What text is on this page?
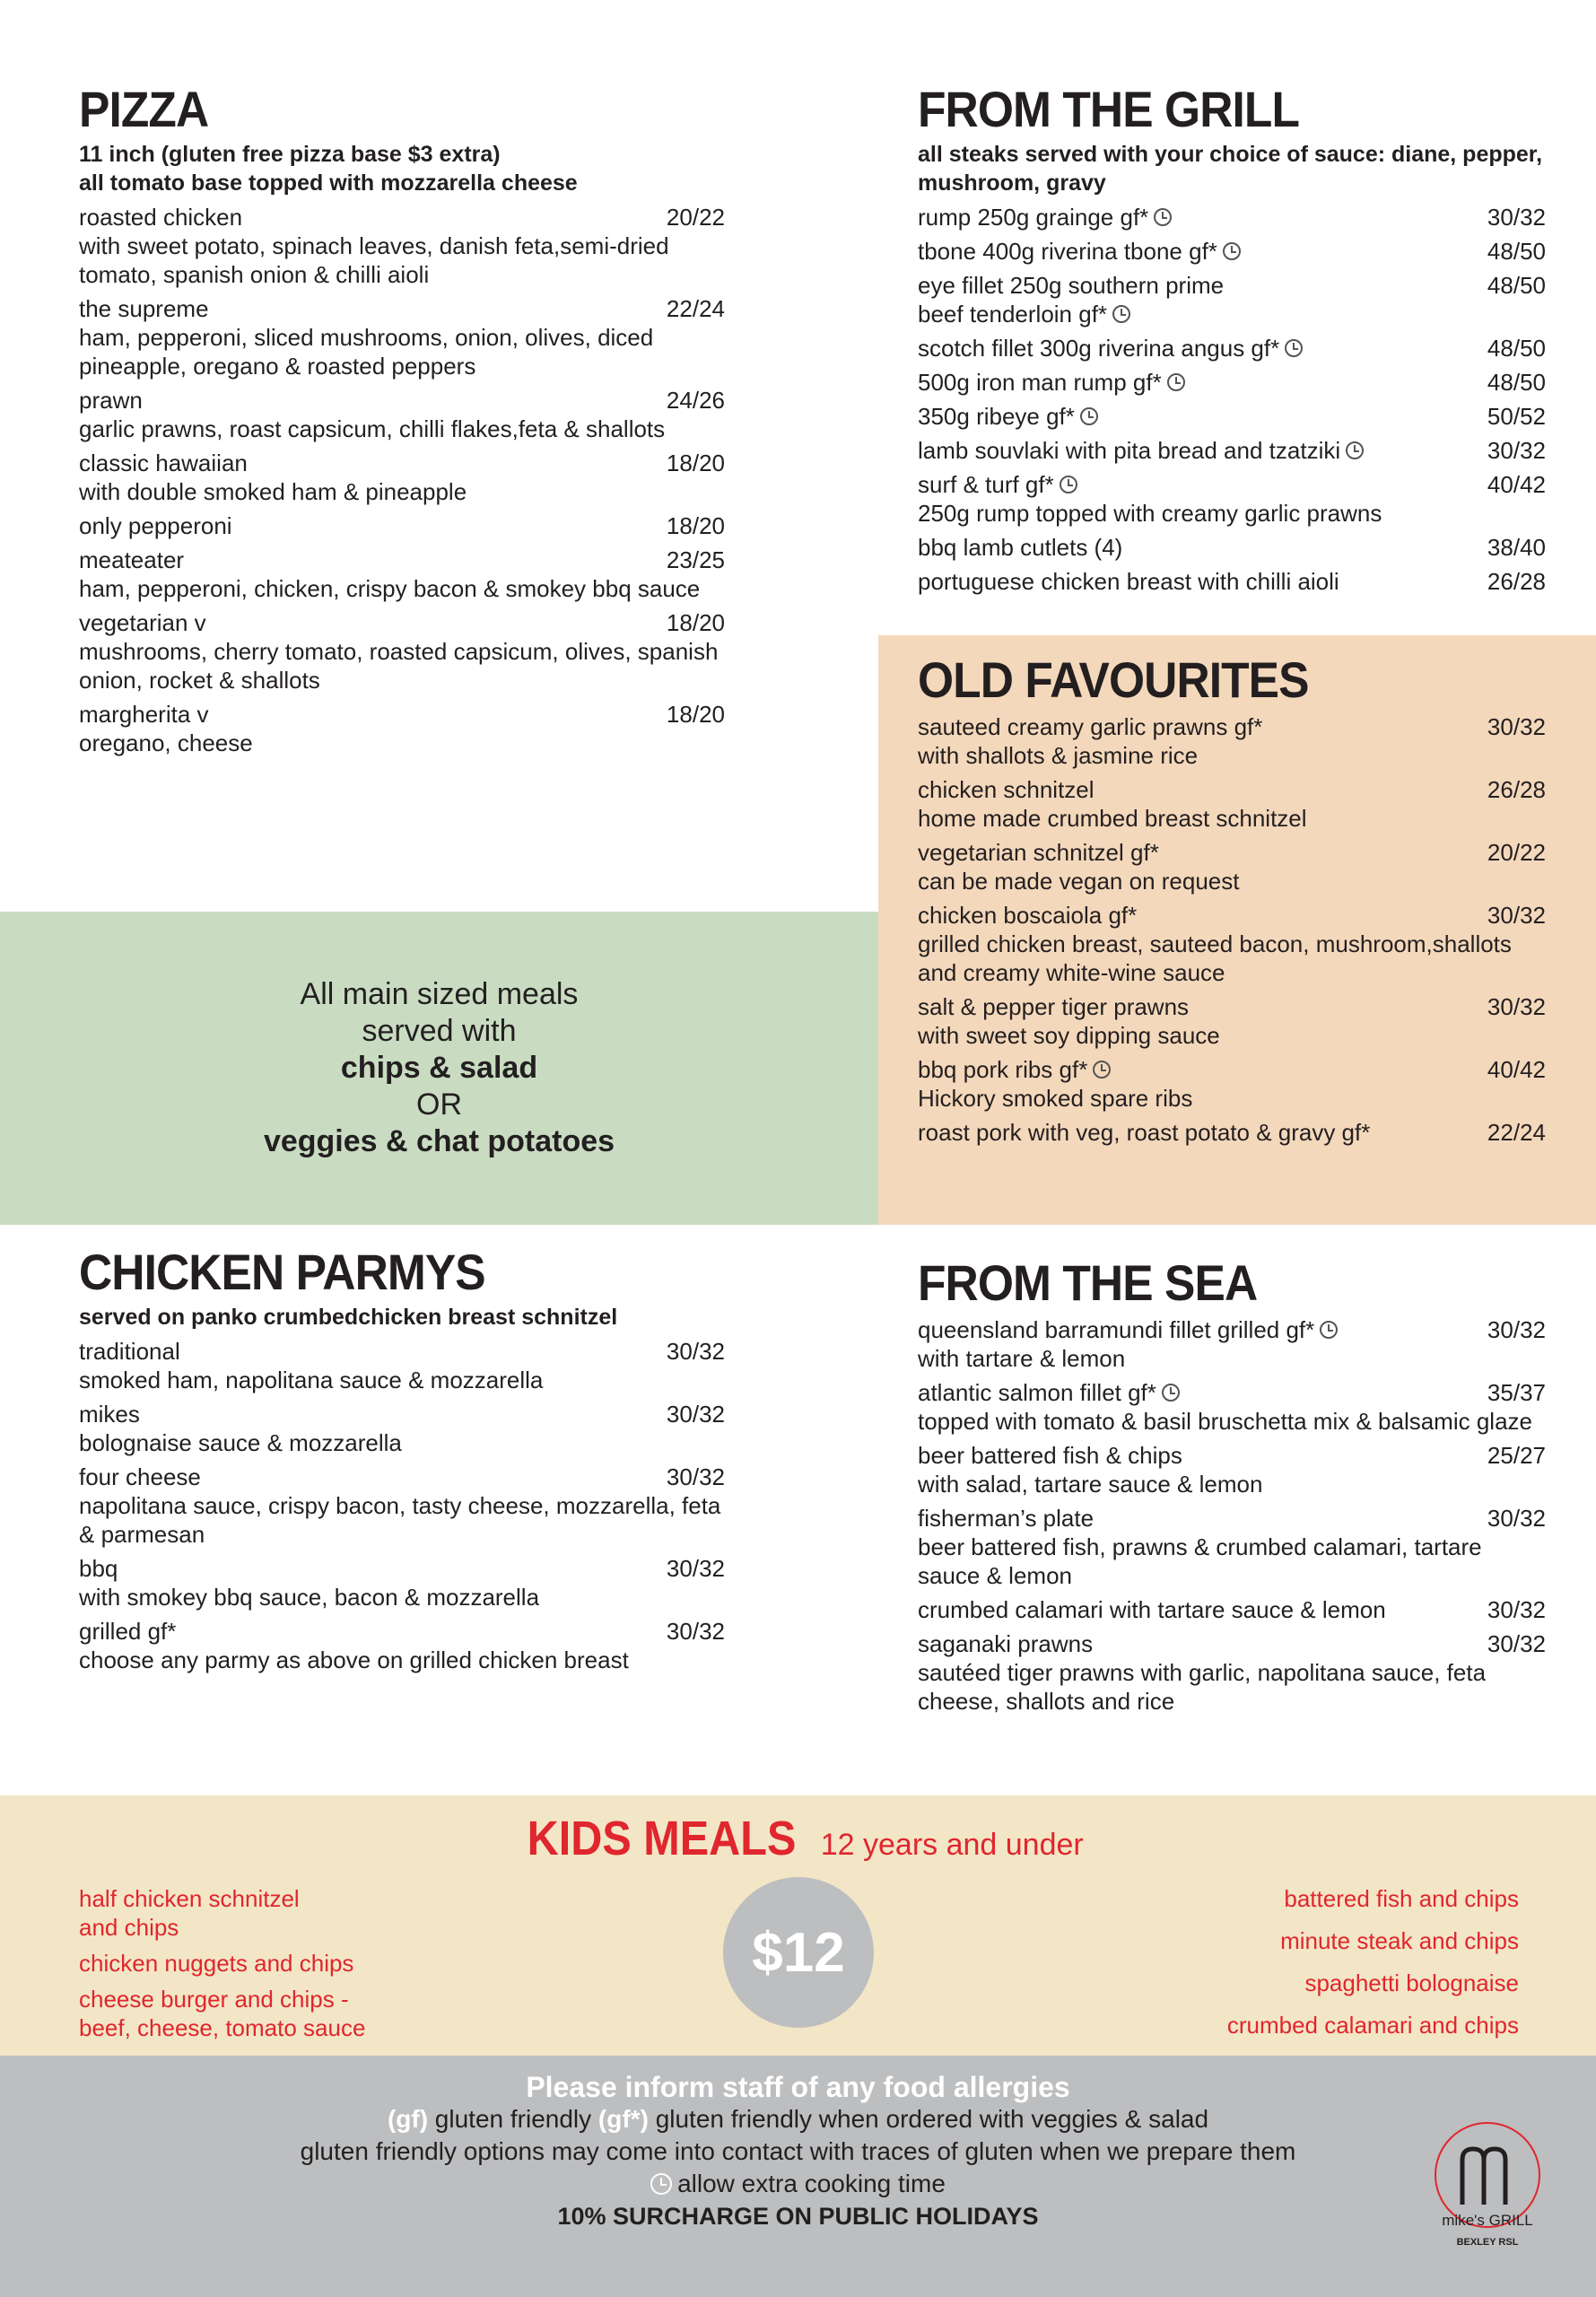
PIZZA
11 inch (gluten free pizza base $3 extra)
all tomato base topped with mozzarella cheese
roasted chicken	20/22
with sweet potato, spinach leaves, danish feta,semi-dried tomato, spanish onion & chilli aioli
the supreme	22/24
ham, pepperoni, sliced mushrooms, onion, olives, diced pineapple, oregano & roasted peppers
prawn	24/26
garlic prawns, roast capsicum, chilli flakes,feta & shallots
classic hawaiian	18/20
with double smoked ham & pineapple
only pepperoni	18/20
meateater	23/25
ham, pepperoni, chicken, crispy bacon & smokey bbq sauce
vegetarian v	18/20
mushrooms, cherry tomato, roasted capsicum, olives, spanish onion, rocket & shallots
margherita v	18/20
oregano, cheese
FROM THE GRILL
all steaks served with your choice of sauce: diane, pepper, mushroom, gravy
rump 250g grainge gf*	30/32
tbone 400g riverina tbone gf*	48/50
eye fillet 250g southern prime	48/50
beef tenderloin gf*
scotch fillet 300g riverina angus gf*	48/50
500g iron man rump gf*	48/50
350g ribeye gf*	50/52
lamb souvlaki with pita bread and tzatziki	30/32
surf & turf gf*	40/42
250g rump topped with creamy garlic prawns
bbq lamb cutlets (4)	38/40
portuguese chicken breast with chilli aioli	26/28
OLD FAVOURITES
sauteed creamy garlic prawns gf*	30/32
with shallots & jasmine rice
chicken schnitzel	26/28
home made crumbed breast schnitzel
vegetarian schnitzel gf*	20/22
can be made vegan on request
chicken boscaiola gf*	30/32
grilled chicken breast, sauteed bacon, mushroom,shallots and creamy white-wine sauce
salt & pepper tiger prawns	30/32
with sweet soy dipping sauce
bbq pork ribs gf*	40/42
Hickory smoked spare ribs
roast pork with veg, roast potato & gravy gf*	22/24
All main sized meals
served with
chips & salad
OR
veggies & chat potatoes
CHICKEN PARMYS
served on panko crumbedchicken breast schnitzel
traditional	30/32
smoked ham, napolitana sauce & mozzarella
mikes	30/32
bolognaise sauce & mozzarella
four cheese	30/32
napolitana sauce, crispy bacon, tasty cheese, mozzarella, feta & parmesan
bbq	30/32
with smokey bbq sauce, bacon & mozzarella
grilled gf*	30/32
choose any parmy as above on grilled chicken breast
FROM THE SEA
queensland barramundi fillet grilled gf*	30/32
with tartare & lemon
atlantic salmon fillet gf*	35/37
topped with tomato & basil bruschetta mix & balsamic glaze
beer battered fish & chips	25/27
with salad, tartare sauce & lemon
fisherman’s plate	30/32
beer battered fish, prawns & crumbed calamari, tartare sauce & lemon
crumbed calamari with tartare sauce & lemon	30/32
saganaki prawns	30/32
sautéed tiger prawns with garlic, napolitana sauce, feta cheese, shallots and rice
KIDS MEALS 12 years and under
half chicken schnitzel
and chips
chicken nuggets and chips
cheese burger and chips -
beef, cheese, tomato sauce
$12
battered fish and chips
minute steak and chips
spaghetti bolognaise
crumbed calamari and chips
Please inform staff of any food allergies
(gf) gluten friendly (gf*) gluten friendly when ordered with veggies & salad
gluten friendly options may come into contact with traces of gluten when we prepare them
allow extra cooking time
10% SURCHARGE ON PUBLIC HOLIDAYS	mike's GRILL
BEXLEY RSL
